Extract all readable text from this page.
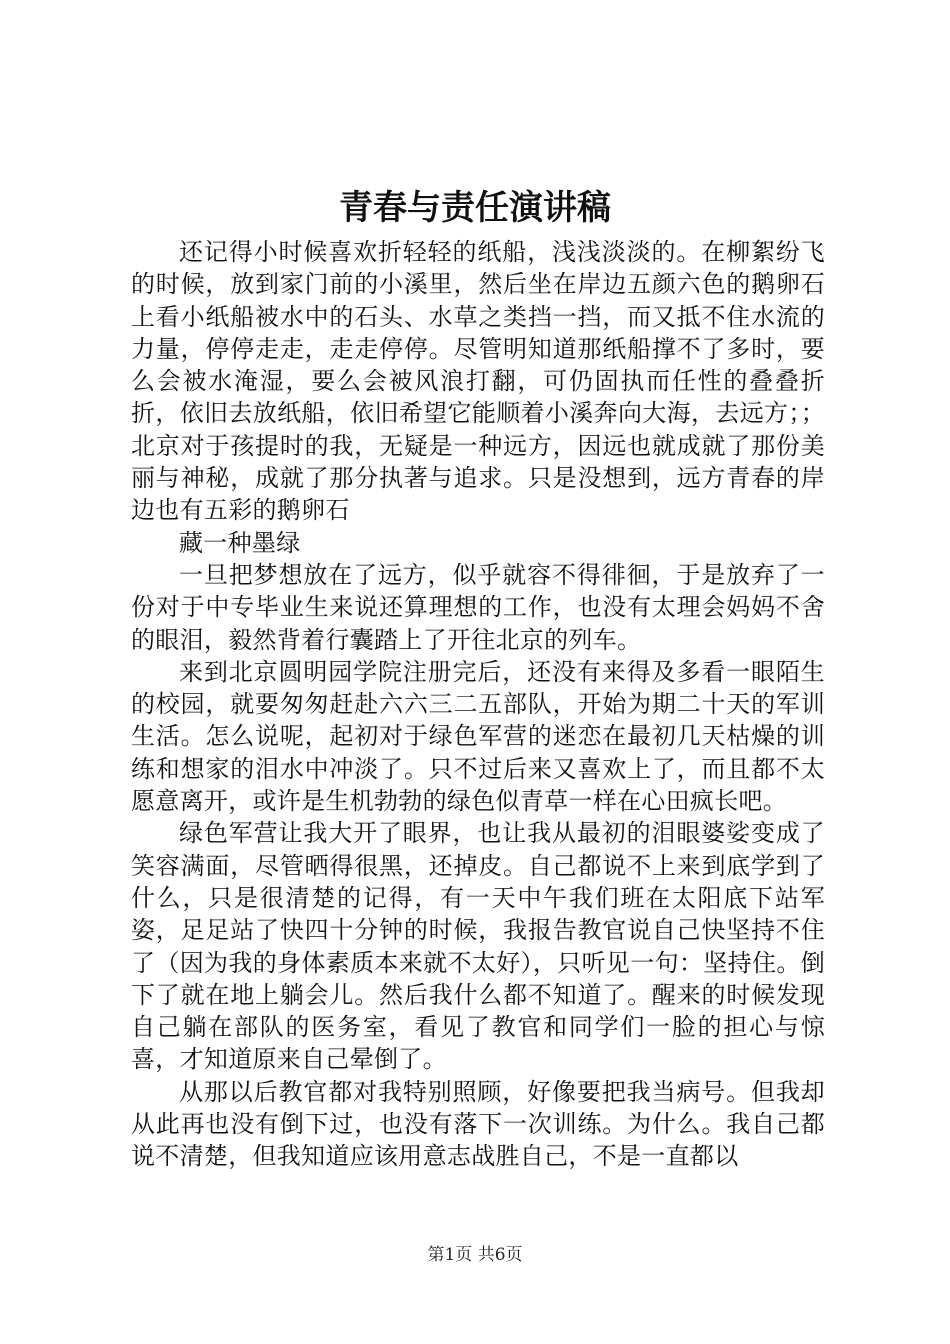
青春与责任演讲稿

还记得小时候喜欢折轻轻的纸船，浅浅淡淡的。在柳絮纷飞的时候，放到家门前的小溪里，然后坐在岸边五颜六色的鹅卵石上看小纸船被水中的石头、水草之类挡一挡，而又抵不住水流的力量，停停走走，走走停停。尽管明知道那纸船撑不了多时，要么会被水淹湿，要么会被风浪打翻，可仍固执而任性的叠叠折折，依旧去放纸船，依旧希望它能顺着小溪奔向大海，去远方；；北京对于孩提时的我，无疑是一种远方，因远也就成就了那份美丽与神秘，成就了那分执著与追求。只是没想到，远方青春的岸边也有五彩的鹅卵石

藏一种墨绿

一旦把梦想放在了远方，似乎就容不得徘徊，于是放弃了一份对于中专毕业生来说还算理想的工作，也没有太理会妈妈不舍的眼泪，毅然背着行囊踏上了开往北京的列车。

来到北京圆明园学院注册完后，还没有来得及多看一眼陌生的校园，就要匆匆赶赴六六三二五部队，开始为期二十天的军训生活。怎么说呢，起初对于绿色军营的迷恋在最初几天枯燥的训练和想家的泪水中冲淡了。只不过后来又喜欢上了，而且都不太愿意离开，或许是生机勃勃的绿色似青草一样在心田疯长吧。

绿色军营让我大开了眼界，也让我从最初的泪眼婆娑变成了笑容满面，尽管晒得很黑，还掉皮。自己都说不上来到底学到了什么，只是很清楚的记得，有一天中午我们班在太阳底下站军姿，足足站了快四十分钟的时候，我报告教官说自己快坚持不住了（因为我的身体素质本来就不太好），只听见一句：坚持住。倒下了就在地上躺会儿。然后我什么都不知道了。醒来的时候发现自己躺在部队的医务室，看见了教官和同学们一脸的担心与惊喜，才知道原来自己晕倒了。

从那以后教官都对我特别照顾，好像要把我当病号。但我却从此再也没有倒下过，也没有落下一次训练。为什么。我自己都说不清楚，但我知道应该用意志战胜自己，不是一直都以

第1页 共6页
